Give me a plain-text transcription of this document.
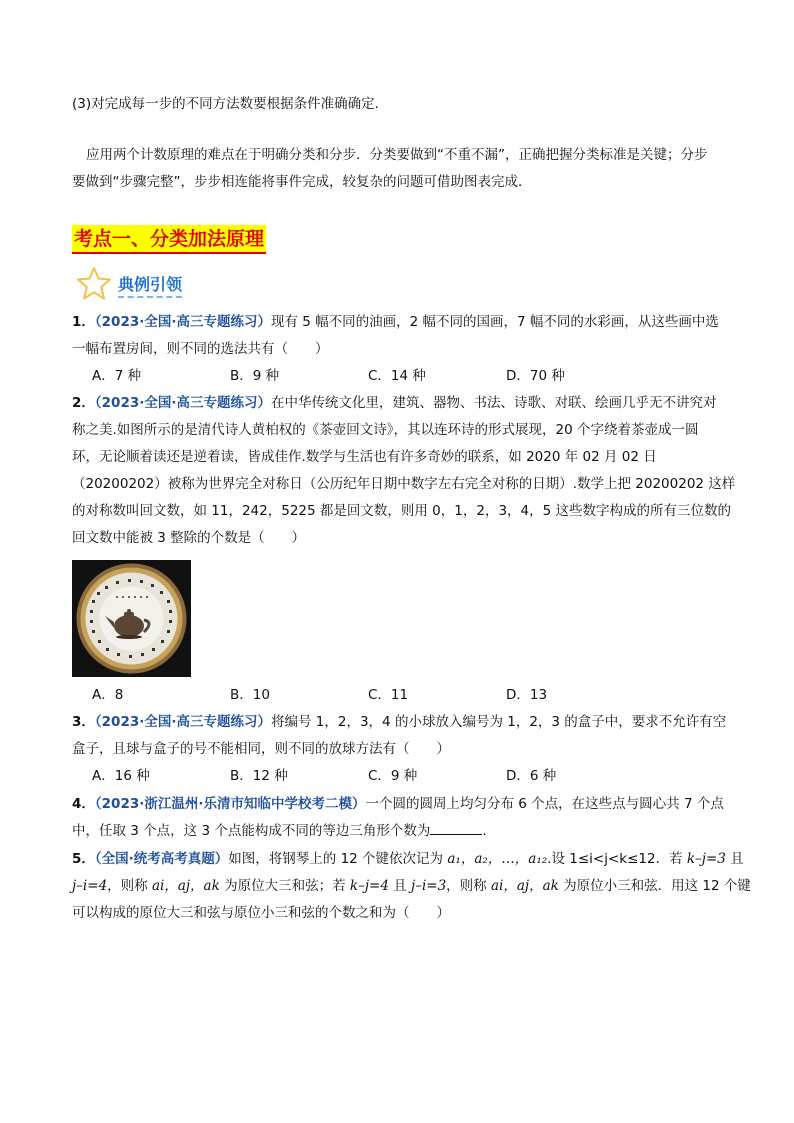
(3)对完成每一步的不同方法数要根据条件准确确定．
应用两个计数原理的难点在于明确分类和分步．分类要做到“不重不漏”，正确把握分类标准是关键；分步
要做到“步骤完整”，步步相连能将事件完成，较复杂的问题可借助图表完成．
考点一、分类加法原理
典例引领
1．（2023·全国·高三专题练习）现有 5 幅不同的油画，2 幅不同的国画，7 幅不同的水彩画，从这些画中选
一幅布置房间，则不同的选法共有（　　）
A．7 种	B．9 种	C．14 种	D．70 种
2．（2023·全国·高三专题练习）在中华传统文化里，建筑、器物、书法、诗歌、对联、绘画几乎无不讲究对
称之美.如图所示的是清代诗人黄柏权的《茶壶回文诗》，其以连环诗的形式展现，20 个字绕着茶壶成一圆
环，无论顺着读还是逆着读，皆成佳作.数学与生活也有许多奇妙的联系，如 2020 年 02 月 02 日
（20200202）被称为世界完全对称日（公历纪年日期中数字左右完全对称的日期）.数学上把 20200202 这样
的对称数叫回文数，如 11，242，5225 都是回文数，则用 0，1，2，3，4，5 这些数字构成的所有三位数的
回文数中能被 3 整除的个数是（　　）
A．8	B．10	C．11	D．13
3．（2023·全国·高三专题练习）将编号 1，2，3，4 的小球放入编号为 1，2，3 的盒子中，要求不允许有空
盒子，且球与盒子的号不能相同，则不同的放球方法有（　　）
A．16 种	B．12 种	C．9 种	D．6 种
4．（2023·浙江温州·乐清市知临中学校考二模）一个圆的圆周上均匀分布 6 个点，在这些点与圆心共 7 个点
中，任取 3 个点，这 3 个点能构成不同的等边三角形个数为	.
5．（全国·统考高考真题）如图，将钢琴上的 12 个键依次记为 a₁，a₂，…，a₁₂.设 1≤i<j<k≤12．若 k–j=3 且
j–i=4，则称 ai，aj，ak 为原位大三和弦；若 k–j=4 且 j–i=3，则称 ai，aj，ak 为原位小三和弦．用这 12 个键
可以构成的原位大三和弦与原位小三和弦的个数之和为（　　）
